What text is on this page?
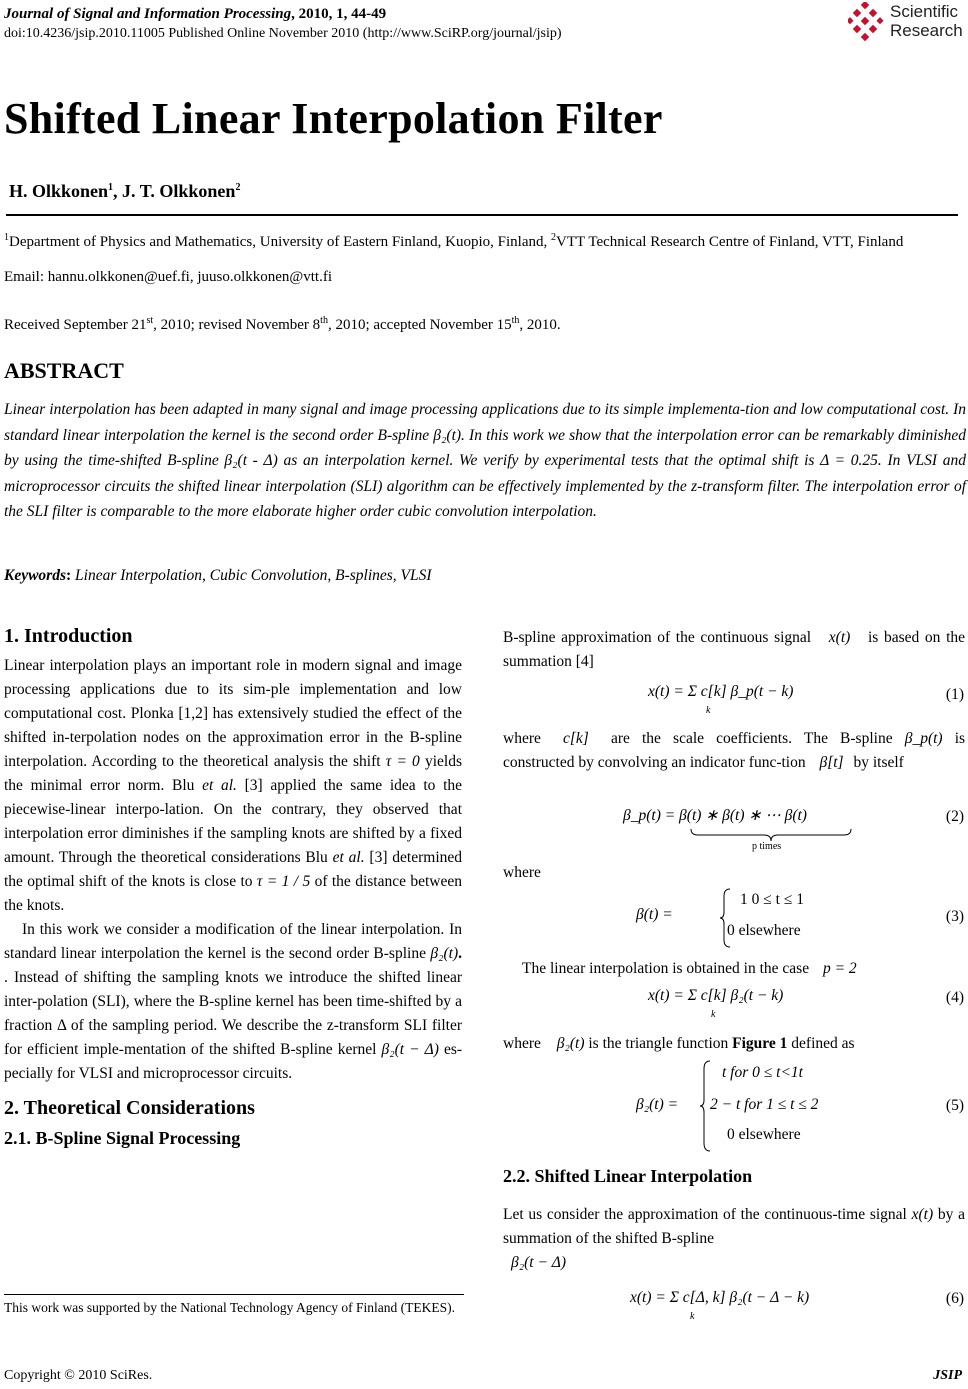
Journal of Signal and Information Processing, 2010, 1, 44-49
doi:10.4236/jsip.2010.11005 Published Online November 2010 (http://www.SciRP.org/journal/jsip)
Scientific
Research
Shifted Linear Interpolation Filter
H. Olkkonen$^1$, J. T. Olkkonen$^2$
$^1$Department of Physics and Mathematics, University of Eastern Finland, Kuopio, Finland, $^2$VTT Technical Research Centre of Finland, VTT, Finland
Email: hannu.olkkonen@uef.fi, juuso.olkkonen@vtt.fi
Received September 21st, 2010; revised November 8th, 2010; accepted November 15th, 2010.
ABSTRACT
Linear interpolation has been adapted in many signal and image processing applications due to its simple implementa-tion and low computational cost. In standard linear interpolation the kernel is the second order B-spline β₂(t). In this work we show that the interpolation error can be remarkably diminished by using the time-shifted B-spline β₂(t - Δ) as an interpolation kernel. We verify by experimental tests that the optimal shift is Δ = 0.25. In VLSI and microprocessor circuits the shifted linear interpolation (SLI) algorithm can be effectively implemented by the z-transform filter. The interpolation error of the SLI filter is comparable to the more elaborate higher order cubic convolution interpolation.
Keywords: Linear Interpolation, Cubic Convolution, B-splines, VLSI
1. Introduction

Linear interpolation plays an important role in modern signal and image processing applications due to its sim-ple implementation and low computational cost. Plonka [1,2] has extensively studied the effect of the shifted in-terpolation nodes on the approximation error in the B-spline interpolation. According to the theoretical analysis the shift τ = 0 yields the minimal error norm. Blu et al. [3] applied the same idea to the piecewise-linear interpo-lation. On the contrary, they observed that interpolation error diminishes if the sampling knots are shifted by a fixed amount. Through the theoretical considerations Blu et al. [3] determined the optimal shift of the knots is close to τ = 1 / 5 of the distance between the knots.

In this work we consider a modification of the linear interpolation. In standard linear interpolation the kernel is the second order B-spline β₂(t). . Instead of shifting the sampling knots we introduce the shifted linear inter-polation (SLI), where the B-spline kernel has been time-shifted by a fraction Δ of the sampling period. We describe the z-transform SLI filter for efficient imple-mentation of the shifted B-spline kernel β₂(t − Δ) es-pecially for VLSI and microprocessor circuits.

2. Theoretical Considerations
2.1. B-Spline Signal Processing
This work was supported by the National Technology Agency of Finland (TEKES).

B-spline approximation of the continuous signal x(t) is based on the summation [4]

x(t) = Σ c[k] β_p(t − k)
k
(1)

where c[k] are the scale coefficients. The B-spline β_p(t) is constructed by convolving an indicator func-tion β[t] by itself

β_p(t) = β(t) ∗ β(t) ∗ ⋯ β(t)
p times
(2)
where
β(t) =
1 0 ≤ t ≤ 1
0 elsewhere
(3)
The linear interpolation is obtained in the case p = 2
x(t) = Σ c[k] β₂(t − k)
k
(4)
where β₂(t) is the triangle function Figure 1 defined as
β₂(t) =
t for 0 ≤ t<1t
2 − t for 1 ≤ t ≤ 2
0 elsewhere
(5)
2.2. Shifted Linear Interpolation
Let us consider the approximation of the continuous-time signal x(t) by a summation of the shifted B-spline
β₂(t − Δ)
x(t) = Σ c[Δ, k] β₂(t − Δ − k)
k
(6)
Copyright © 2010 SciRes.	JSIP
